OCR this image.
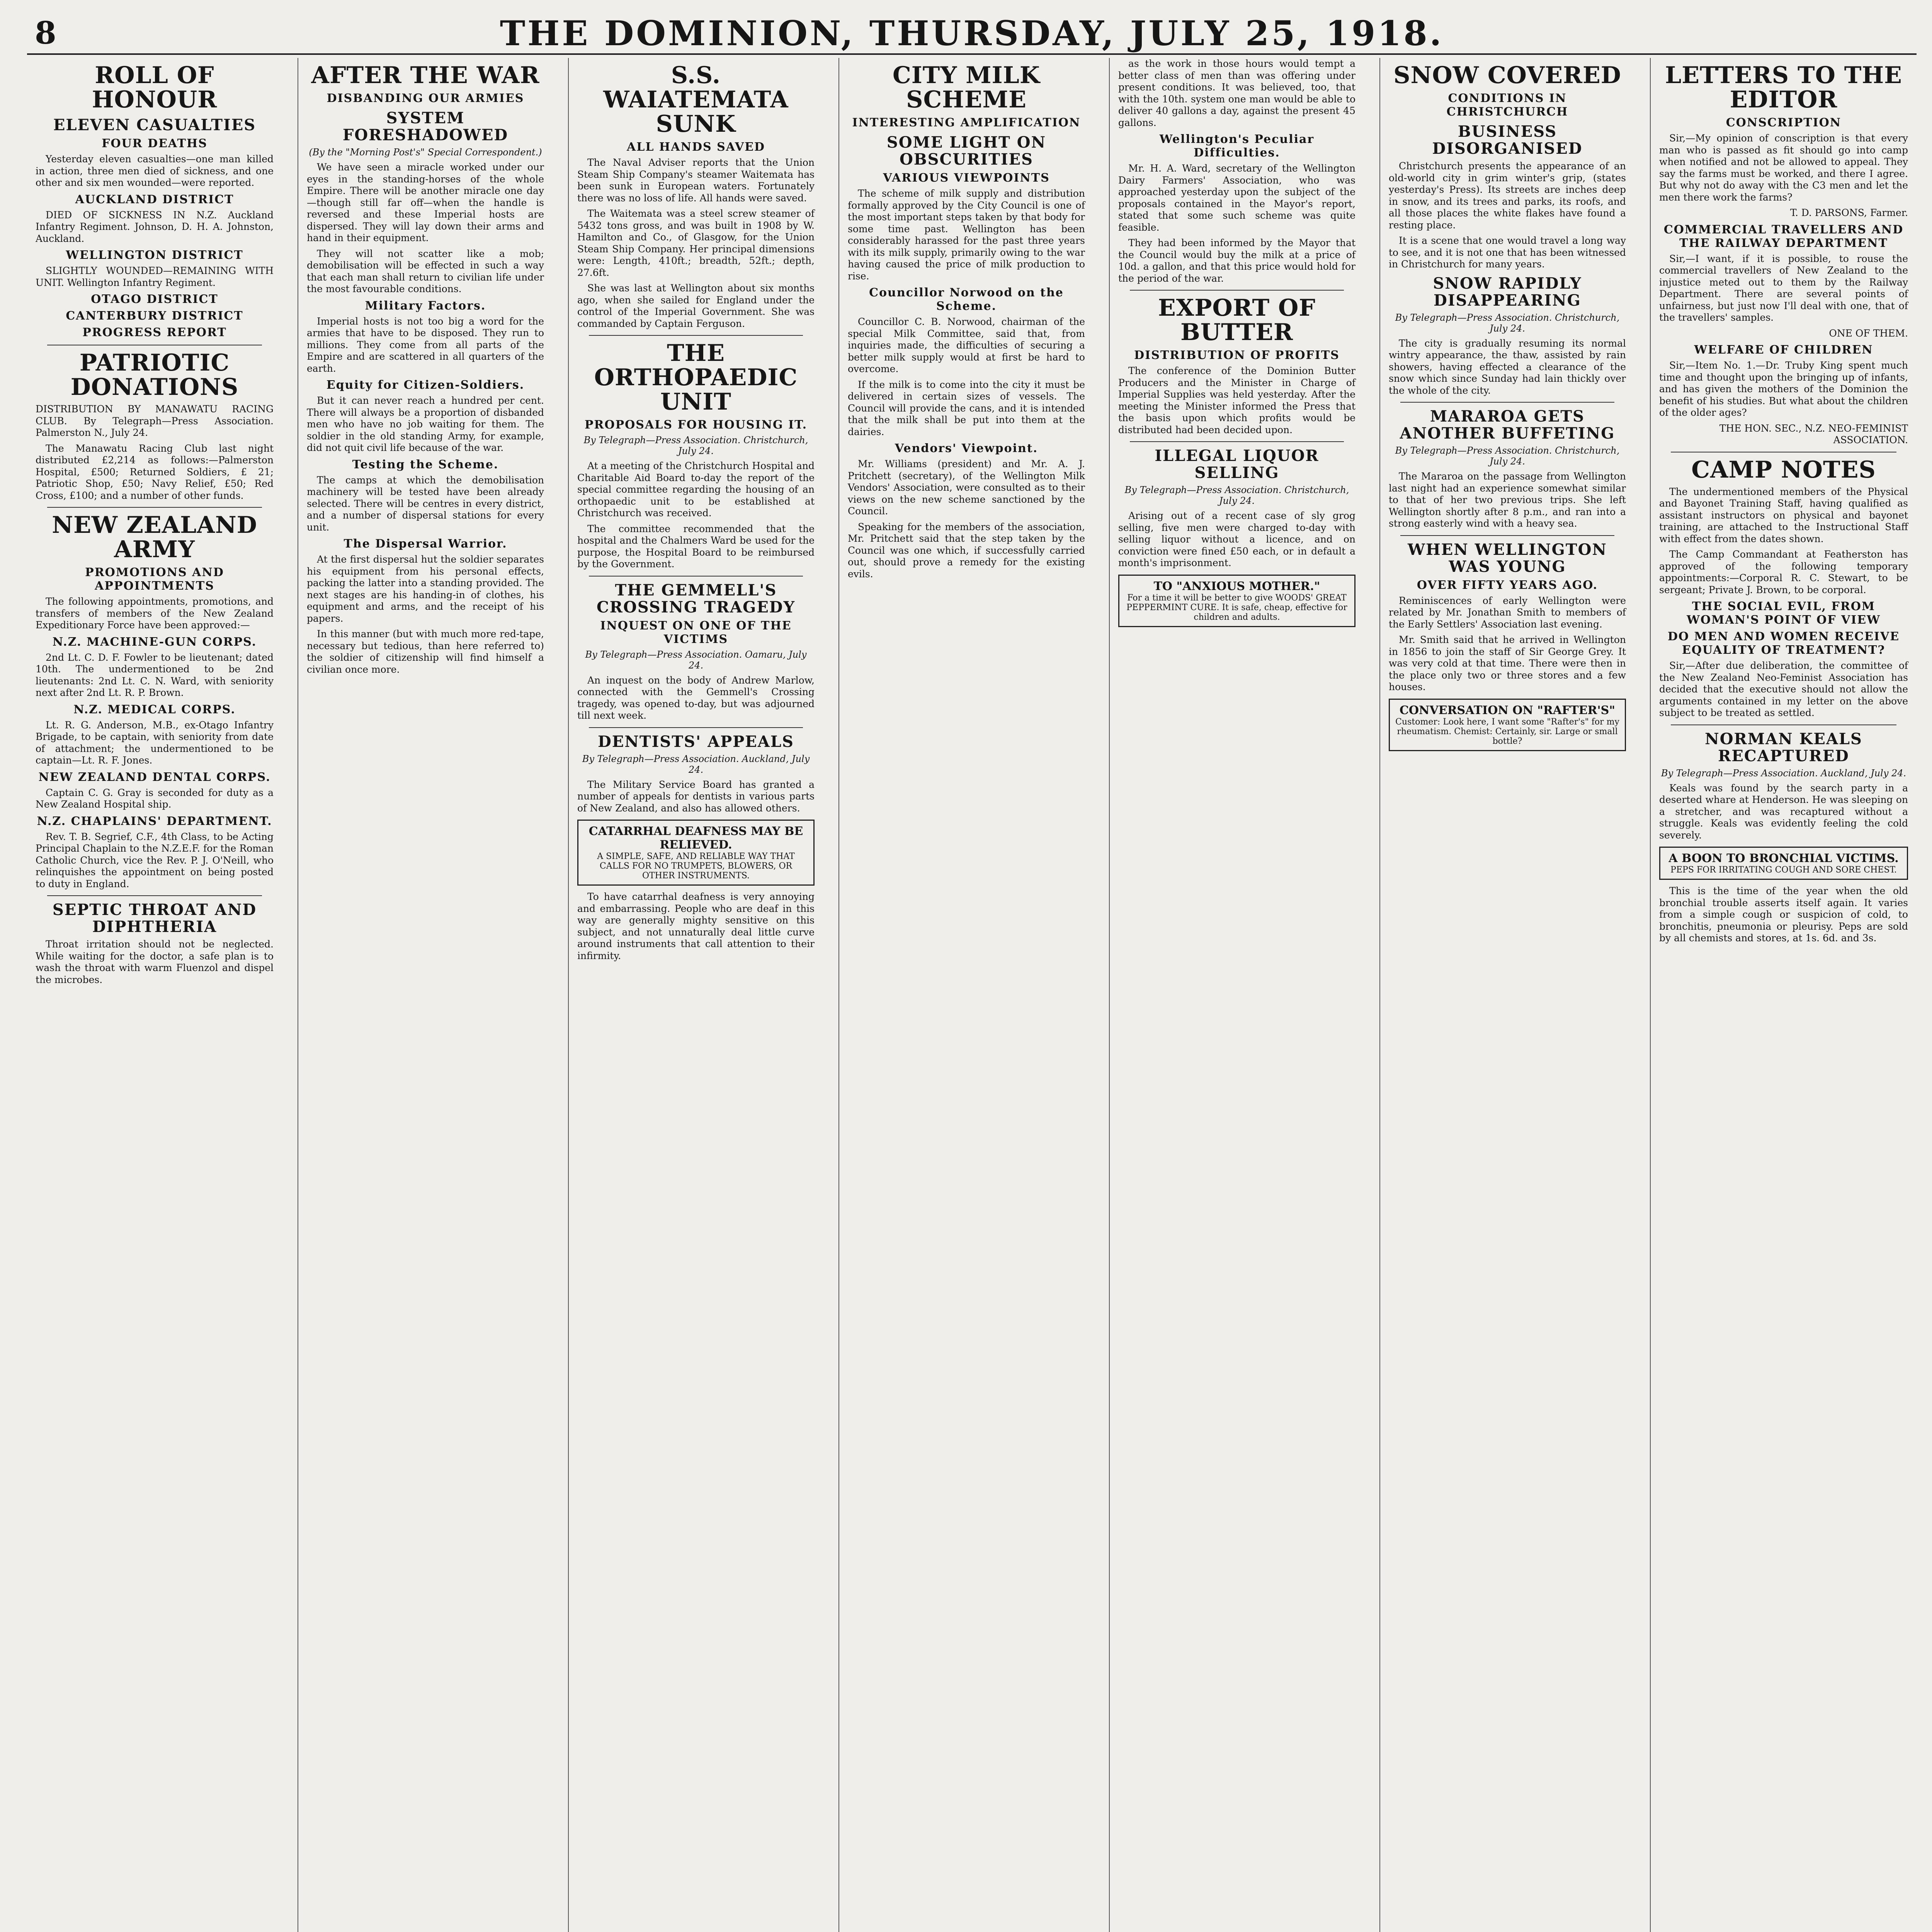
8	THE DOMINION, THURSDAY, JULY 25, 1918.
ROLL OF HONOUR
ELEVEN CASUALTIES
FOUR DEATHS

Yesterday eleven casualties—one man killed in action, three men died of sickness, and one other and six men wounded—were reported.

AUCKLAND DISTRICT

DIED OF SICKNESS IN N.Z. Auckland Infantry Regiment. Johnson, D. H. A. Johnston, Auckland.

WELLINGTON DISTRICT

SLIGHTLY WOUNDED—REMAINING WITH UNIT. Wellington Infantry Regiment.

OTAGO DISTRICT
CANTERBURY DISTRICT
PROGRESS REPORT
PATRIOTIC DONATIONS

DISTRIBUTION BY MANAWATU RACING CLUB. By Telegraph—Press Association. Palmerston N., July 24.

The Manawatu Racing Club last night distributed £2,214 as follows:—Palmerston Hospital, £500; Returned Soldiers, £ 21; Patriotic Shop, £50; Navy Relief, £50; Red Cross, £100; and a number of other funds.

NEW ZEALAND ARMY
PROMOTIONS AND APPOINTMENTS

The following appointments, promotions, and transfers of members of the New Zealand Expeditionary Force have been approved:—

N.Z. MACHINE-GUN CORPS.

2nd Lt. C. D. F. Fowler to be lieutenant; dated 10th. The undermentioned to be 2nd lieutenants: 2nd Lt. C. N. Ward, with seniority next after 2nd Lt. R. P. Brown.

N.Z. MEDICAL CORPS.

Lt. R. G. Anderson, M.B., ex-Otago Infantry Brigade, to be captain, with seniority from date of attachment; the undermentioned to be captain—Lt. R. F. Jones.

NEW ZEALAND DENTAL CORPS.

Captain C. G. Gray is seconded for duty as a New Zealand Hospital ship.

N.Z. CHAPLAINS' DEPARTMENT.

Rev. T. B. Segrief, C.F., 4th Class, to be Acting Principal Chaplain to the N.Z.E.F. for the Roman Catholic Church, vice the Rev. P. J. O'Neill, who relinquishes the appointment on being posted to duty in England.

SEPTIC THROAT AND DIPHTHERIA

Throat irritation should not be neglected. While waiting for the doctor, a safe plan is to wash the throat with warm Fluenzol and dispel the microbes.

AFTER THE WAR
DISBANDING OUR ARMIES
SYSTEM FORESHADOWED
(By the "Morning Post's" Special Correspondent.)

We have seen a miracle worked under our eyes in the standing-horses of the whole Empire. There will be another miracle one day—though still far off—when the handle is reversed and these Imperial hosts are dispersed. They will lay down their arms and hand in their equipment.

They will not scatter like a mob; demobilisation will be effected in such a way that each man shall return to civilian life under the most favourable conditions.

Military Factors.

Imperial hosts is not too big a word for the armies that have to be disposed. They run to millions. They come from all parts of the Empire and are scattered in all quarters of the earth.

Equity for Citizen-Soldiers.

But it can never reach a hundred per cent. There will always be a proportion of disbanded men who have no job waiting for them. The soldier in the old standing Army, for example, did not quit civil life because of the war.

Testing the Scheme.

The camps at which the demobilisation machinery will be tested have been already selected. There will be centres in every district, and a number of dispersal stations for every unit.

The Dispersal Warrior.

At the first dispersal hut the soldier separates his equipment from his personal effects, packing the latter into a standing provided. The next stages are his handing-in of clothes, his equipment and arms, and the receipt of his papers.

In this manner (but with much more red-tape, necessary but tedious, than here referred to) the soldier of citizenship will find himself a civilian once more.

S.S. WAIATEMATA SUNK
ALL HANDS SAVED

The Naval Adviser reports that the Union Steam Ship Company's steamer Waitemata has been sunk in European waters. Fortunately there was no loss of life. All hands were saved.

The Waitemata was a steel screw steamer of 5432 tons gross, and was built in 1908 by W. Hamilton and Co., of Glasgow, for the Union Steam Ship Company. Her principal dimensions were: Length, 410ft.; breadth, 52ft.; depth, 27.6ft.

She was last at Wellington about six months ago, when she sailed for England under the control of the Imperial Government. She was commanded by Captain Ferguson.

THE ORTHOPAEDIC UNIT
PROPOSALS FOR HOUSING IT.
By Telegraph—Press Association. Christchurch, July 24.

At a meeting of the Christchurch Hospital and Charitable Aid Board to-day the report of the special committee regarding the housing of an orthopaedic unit to be established at Christchurch was received.

The committee recommended that the hospital and the Chalmers Ward be used for the purpose, the Hospital Board to be reimbursed by the Government.

THE GEMMELL'S CROSSING TRAGEDY
INQUEST ON ONE OF THE VICTIMS
By Telegraph—Press Association. Oamaru, July 24.

An inquest on the body of Andrew Marlow, connected with the Gemmell's Crossing tragedy, was opened to-day, but was adjourned till next week.

DENTISTS' APPEALS
By Telegraph—Press Association. Auckland, July 24.

The Military Service Board has granted a number of appeals for dentists in various parts of New Zealand, and also has allowed others.

CATARRHAL DEAFNESS MAY BE RELIEVED.
A SIMPLE, SAFE, AND RELIABLE WAY THAT CALLS FOR NO TRUMPETS, BLOWERS, OR OTHER INSTRUMENTS.

To have catarrhal deafness is very annoying and embarrassing. People who are deaf in this way are generally mighty sensitive on this subject, and not unnaturally deal little curve around instruments that call attention to their infirmity.

CITY MILK SCHEME
INTERESTING AMPLIFICATION
SOME LIGHT ON OBSCURITIES
VARIOUS VIEWPOINTS

The scheme of milk supply and distribution formally approved by the City Council is one of the most important steps taken by that body for some time past. Wellington has been considerably harassed for the past three years with its milk supply, primarily owing to the war having caused the price of milk production to rise.

Councillor Norwood on the Scheme.

Councillor C. B. Norwood, chairman of the special Milk Committee, said that, from inquiries made, the difficulties of securing a better milk supply would at first be hard to overcome.

If the milk is to come into the city it must be delivered in certain sizes of vessels. The Council will provide the cans, and it is intended that the milk shall be put into them at the dairies.

Vendors' Viewpoint.

Mr. Williams (president) and Mr. A. J. Pritchett (secretary), of the Wellington Milk Vendors' Association, were consulted as to their views on the new scheme sanctioned by the Council.

Speaking for the members of the association, Mr. Pritchett said that the step taken by the Council was one which, if successfully carried out, should prove a remedy for the existing evils.

as the work in those hours would tempt a better class of men than was offering under present conditions. It was believed, too, that with the 10th. system one man would be able to deliver 40 gallons a day, against the present 45 gallons.

Wellington's Peculiar Difficulties.

Mr. H. A. Ward, secretary of the Wellington Dairy Farmers' Association, who was approached yesterday upon the subject of the proposals contained in the Mayor's report, stated that some such scheme was quite feasible.

They had been informed by the Mayor that the Council would buy the milk at a price of 10d. a gallon, and that this price would hold for the period of the war.

EXPORT OF BUTTER
DISTRIBUTION OF PROFITS

The conference of the Dominion Butter Producers and the Minister in Charge of Imperial Supplies was held yesterday. After the meeting the Minister informed the Press that the basis upon which profits would be distributed had been decided upon.

ILLEGAL LIQUOR SELLING
By Telegraph—Press Association. Christchurch, July 24.

Arising out of a recent case of sly grog selling, five men were charged to-day with selling liquor without a licence, and on conviction were fined £50 each, or in default a month's imprisonment.

TO "ANXIOUS MOTHER."
For a time it will be better to give WOODS' GREAT PEPPERMINT CURE. It is safe, cheap, effective for children and adults.
SNOW COVERED
CONDITIONS IN CHRISTCHURCH
BUSINESS DISORGANISED

Christchurch presents the appearance of an old-world city in grim winter's grip, (states yesterday's Press). Its streets are inches deep in snow, and its trees and parks, its roofs, and all those places the white flakes have found a resting place.

It is a scene that one would travel a long way to see, and it is not one that has been witnessed in Christchurch for many years.

SNOW RAPIDLY DISAPPEARING
By Telegraph—Press Association. Christchurch, July 24.

The city is gradually resuming its normal wintry appearance, the thaw, assisted by rain showers, having effected a clearance of the snow which since Sunday had lain thickly over the whole of the city.

MARAROA GETS ANOTHER BUFFETING
By Telegraph—Press Association. Christchurch, July 24.

The Mararoa on the passage from Wellington last night had an experience somewhat similar to that of her two previous trips. She left Wellington shortly after 8 p.m., and ran into a strong easterly wind with a heavy sea.

WHEN WELLINGTON WAS YOUNG
OVER FIFTY YEARS AGO.

Reminiscences of early Wellington were related by Mr. Jonathan Smith to members of the Early Settlers' Association last evening.

Mr. Smith said that he arrived in Wellington in 1856 to join the staff of Sir George Grey. It was very cold at that time. There were then in the place only two or three stores and a few houses.

CONVERSATION ON "RAFTER'S"
Customer: Look here, I want some "Rafter's" for my rheumatism. Chemist: Certainly, sir. Large or small bottle?
LETTERS TO THE EDITOR
CONSCRIPTION

Sir,—My opinion of conscription is that every man who is passed as fit should go into camp when notified and not be allowed to appeal. They say the farms must be worked, and there I agree. But why not do away with the C3 men and let the men there work the farms?

T. D. PARSONS, Farmer.

COMMERCIAL TRAVELLERS AND THE RAILWAY DEPARTMENT

Sir,—I want, if it is possible, to rouse the commercial travellers of New Zealand to the injustice meted out to them by the Railway Department. There are several points of unfairness, but just now I'll deal with one, that of the travellers' samples.

ONE OF THEM.

WELFARE OF CHILDREN

Sir,—Item No. 1.—Dr. Truby King spent much time and thought upon the bringing up of infants, and has given the mothers of the Dominion the benefit of his studies. But what about the children of the older ages?

THE HON. SEC., N.Z. NEO-FEMINIST ASSOCIATION.

CAMP NOTES

The undermentioned members of the Physical and Bayonet Training Staff, having qualified as assistant instructors on physical and bayonet training, are attached to the Instructional Staff with effect from the dates shown.

The Camp Commandant at Featherston has approved of the following temporary appointments:—Corporal R. C. Stewart, to be sergeant; Private J. Brown, to be corporal.

THE SOCIAL EVIL, FROM WOMAN'S POINT OF VIEW
DO MEN AND WOMEN RECEIVE EQUALITY OF TREATMENT?

Sir,—After due deliberation, the committee of the New Zealand Neo-Feminist Association has decided that the executive should not allow the arguments contained in my letter on the above subject to be treated as settled.

NORMAN KEALS RECAPTURED
By Telegraph—Press Association. Auckland, July 24.

Keals was found by the search party in a deserted whare at Henderson. He was sleeping on a stretcher, and was recaptured without a struggle. Keals was evidently feeling the cold severely.

A BOON TO BRONCHIAL VICTIMS.
PEPS FOR IRRITATING COUGH AND SORE CHEST.

This is the time of the year when the old bronchial trouble asserts itself again. It varies from a simple cough or suspicion of cold, to bronchitis, pneumonia or pleurisy. Peps are sold by all chemists and stores, at 1s. 6d. and 3s.
